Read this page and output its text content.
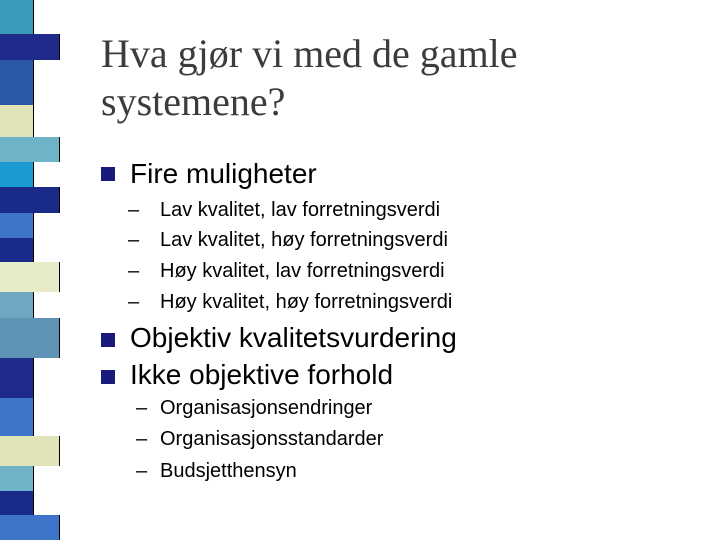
Hva gjør vi med de gamle
systemene?
Fire muligheter
– Lav kvalitet, lav forretningsverdi
– Lav kvalitet, høy forretningsverdi
– Høy kvalitet, lav forretningsverdi
– Høy kvalitet, høy forretningsverdi
Objektiv kvalitetsvurdering
Ikke objektive forhold
– Organisasjonsendringer
– Organisasjonsstandarder
– Budsjetthensyn
